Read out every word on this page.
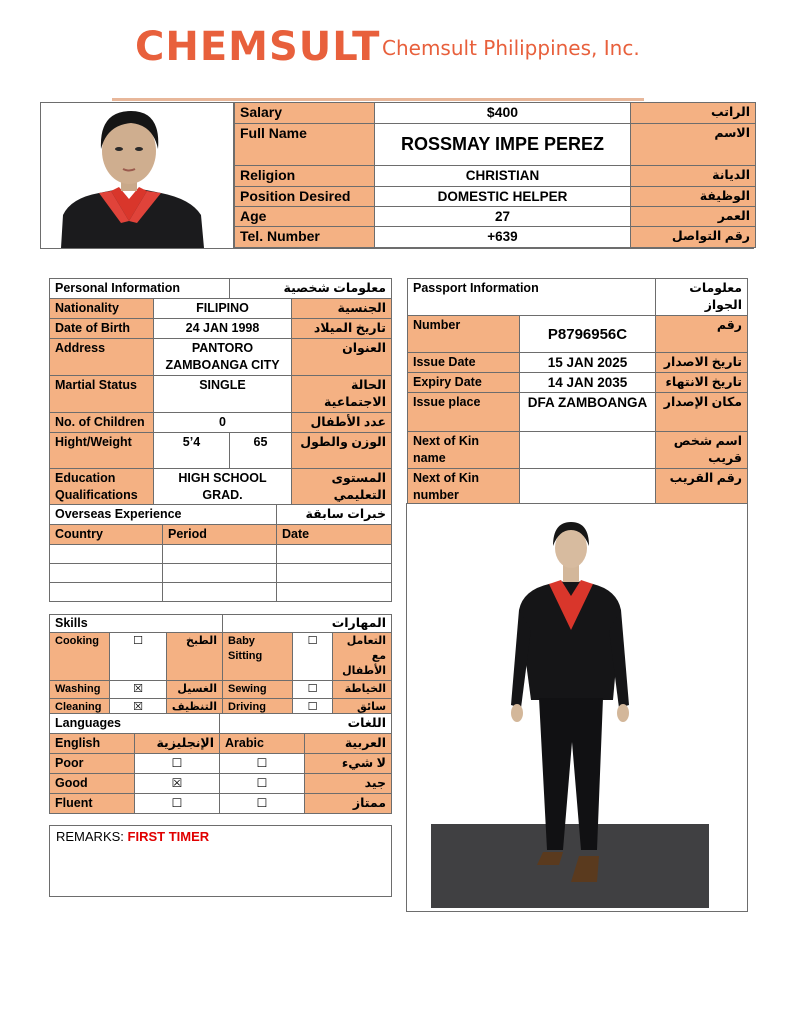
CHEMSULT Chemsult Philippines, Inc.
Salary	$400	الراتب
Full Name	ROSSMAY IMPE PEREZ	الاسم
Religion	CHRISTIAN	الديانة
Position Desired	DOMESTIC HELPER	الوظيفة
Age	27	العمر
Tel. Number	+639	رقم التواصل
Personal Information		معلومات شخصية	
Nationality	FILIPINO		الجنسية
Date of Birth	24 JAN 1998		تاريخ الميلاد
Address	PANTORO ZAMBOANGA CITY		العنوان
Martial Status	SINGLE		الحالة الاجتماعية
No. of Children	0		عدد الأطفال
Hight/Weight	5’4	65	الوزن والطول
Education Qualifications	HIGH SCHOOL GRAD.		المستوى التعليمي
Passport Information		معلومات الجواز
Number	P8796956C	رقم
Issue Date	15 JAN 2025	تاريخ الاصدار
Expiry Date	14 JAN 2035	تاريخ الانتهاء
Issue place	DFA ZAMBOANGA	مكان الإصدار
Next of Kin name		اسم شخص قريب
Next of Kin number		رقم القريب
Overseas Experience		خبرات سابقة
Country	Period	Date

Skills			المهارات		
Cooking	☐	الطبخ	Baby Sitting	☐	التعامل مع الأطفال
Washing	☒	الغسيل	Sewing	☐	الخياطة
Cleaning	☒	التنظيف	Driving	☐	سائق
Languages		اللغات	
English	الإنجليزية	Arabic	العربية
Poor	☐	☐	لا شيء
Good	☒	☐	جيد
Fluent	☐	☐	ممتاز
REMARKS: FIRST TIMER
